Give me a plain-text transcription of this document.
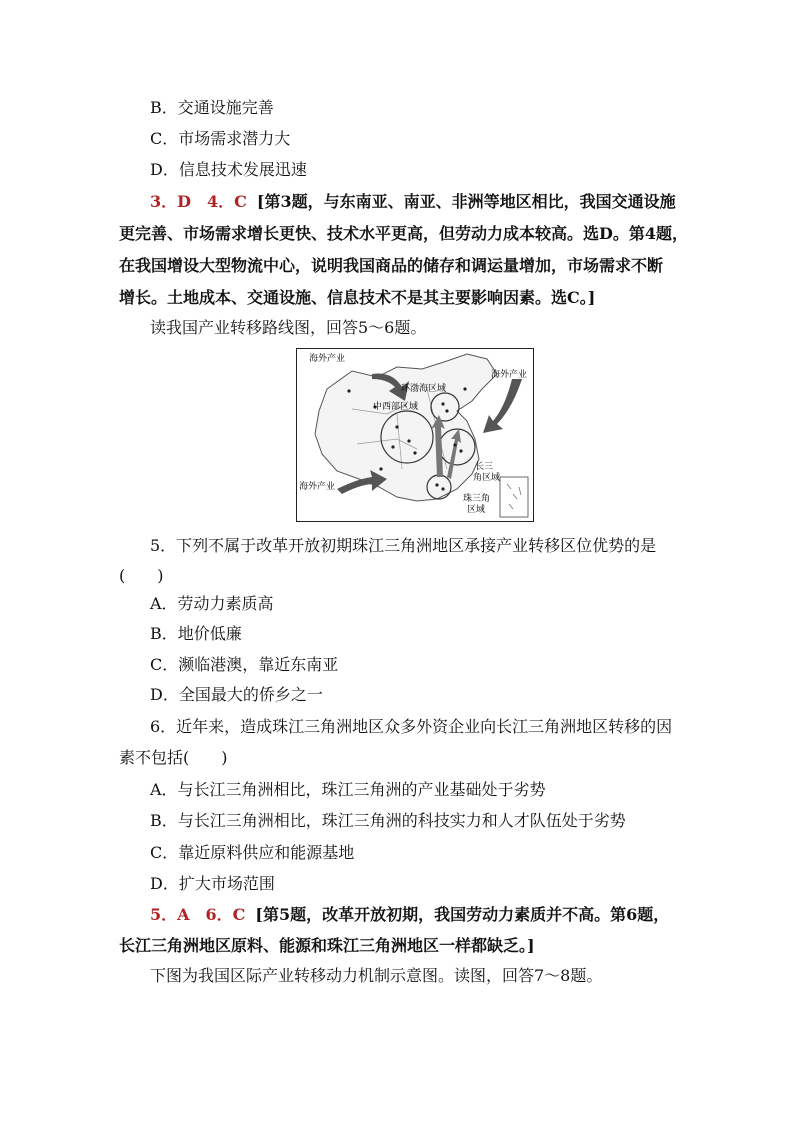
B．交通设施完善
C．市场需求潜力大
D．信息技术发展迅速
3．D　4．C [第3题，与东南亚、南亚、非洲等地区相比，我国交通设施
更完善、市场需求增长更快、技术水平更高，但劳动力成本较高。选D。第4题，
在我国增设大型物流中心，说明我国商品的储存和调运量增加，市场需求不断
增长。土地成本、交通设施、信息技术不是其主要影响因素。选C。]
读我国产业转移路线图，回答5～6题。
海外产业
海外产业
海外产业
环渤海区域
中西部区域
长三
角区域
珠三角
区域
5．下列不属于改革开放初期珠江三角洲地区承接产业转移区位优势的是
(　　)
A．劳动力素质高
B．地价低廉
C．濒临港澳，靠近东南亚
D．全国最大的侨乡之一
6．近年来，造成珠江三角洲地区众多外资企业向长江三角洲地区转移的因
素不包括(　　)
A．与长江三角洲相比，珠江三角洲的产业基础处于劣势
B．与长江三角洲相比，珠江三角洲的科技实力和人才队伍处于劣势
C．靠近原料供应和能源基地
D．扩大市场范围
5．A　6．C [第5题，改革开放初期，我国劳动力素质并不高。第6题，
长江三角洲地区原料、能源和珠江三角洲地区一样都缺乏。]
下图为我国区际产业转移动力机制示意图。读图，回答7～8题。
